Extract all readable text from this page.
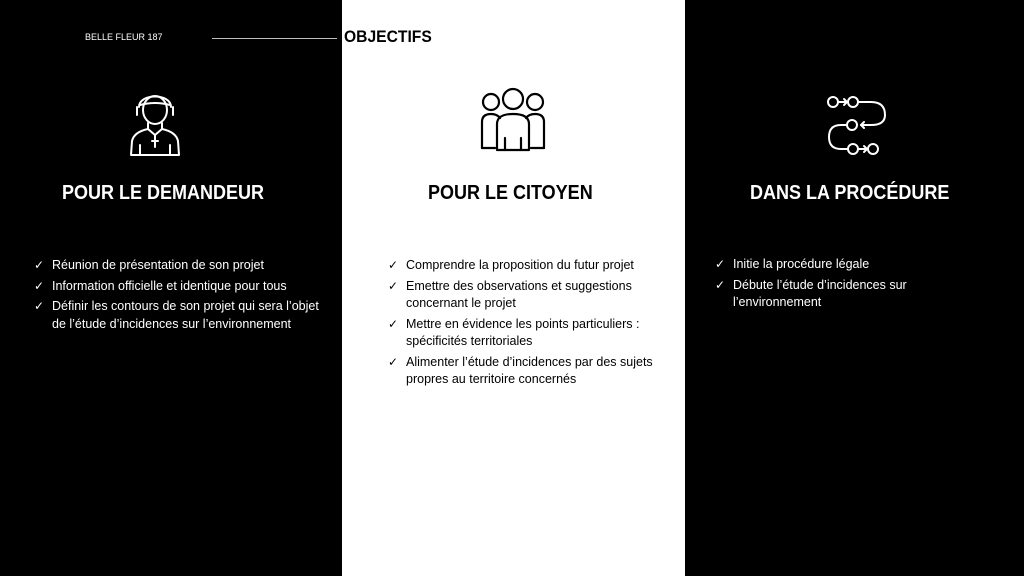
BELLE FLEUR 187	OBJECTIFS
POUR LE DEMANDEUR	POUR LE CITOYEN	DANS LA PROCÉDURE
✓ Réunion de présentation de son projet
✓ Information officielle et identique pour tous
✓ Définir les contours de son projet qui sera l’objet de l’étude d’incidences sur l’environnement
✓ Comprendre la proposition du futur projet
✓ Emettre des observations et suggestions concernant le projet
✓ Mettre en évidence les points particuliers : spécificités territoriales
✓ Alimenter l’étude d’incidences par des sujets propres au territoire concernés
✓ Initie la procédure légale
✓ Débute l’étude d’incidences sur l’environnement
